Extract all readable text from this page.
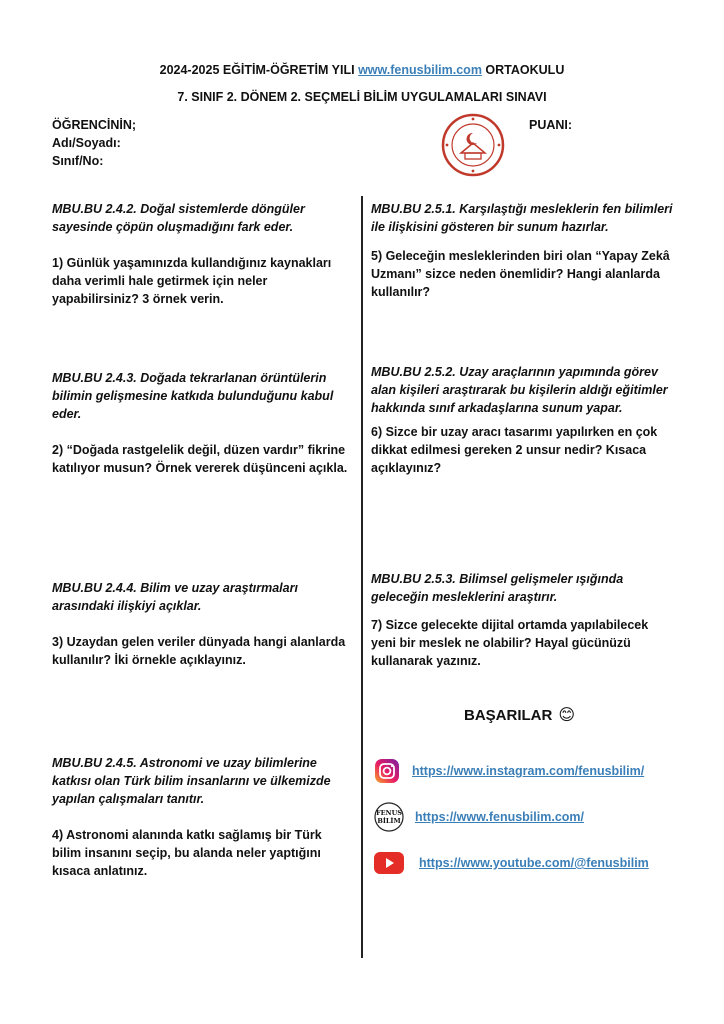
2024-2025 EĞİTİM-ÖĞRETİM YILI www.fenusbilim.com ORTAOKULU
7. SINIF 2. DÖNEM 2. SEÇMELİ BİLİM UYGULAMALARI SINAVI
ÖĞRENCİNİN;
Adı/Soyadı:
Sınıf/No:
PUANI:
MBU.BU 2.4.2. Doğal sistemlerde döngüler sayesinde çöpün oluşmadığını fark eder.
1) Günlük yaşamınızda kullandığınız kaynakları daha verimli hale getirmek için neler yapabilirsiniz? 3 örnek verin.
MBU.BU 2.4.3. Doğada tekrarlanan örüntülerin bilimin gelişmesine katkıda bulunduğunu kabul eder.
2) “Doğada rastgelelik değil, düzen vardır” fikrine katılıyor musun? Örnek vererek düşünceni açıkla.
MBU.BU 2.4.4. Bilim ve uzay araştırmaları arasındaki ilişkiyi açıklar.
3) Uzaydan gelen veriler dünyada hangi alanlarda kullanılır? İki örnekle açıklayınız.
MBU.BU 2.4.5. Astronomi ve uzay bilimlerine katkısı olan Türk bilim insanlarını ve ülkemizde yapılan çalışmaları tanıtır.
4) Astronomi alanında katkı sağlamış bir Türk bilim insanını seçip, bu alanda neler yaptığını kısaca anlatınız.
MBU.BU 2.5.1. Karşılaştığı mesleklerin fen bilimleri ile ilişkisini gösteren bir sunum hazırlar.
5) Geleceğin mesleklerinden biri olan “Yapay Zekâ Uzmanı” sizce neden önemlidir? Hangi alanlarda kullanılır?
MBU.BU 2.5.2. Uzay araçlarının yapımında görev alan kişileri araştırarak bu kişilerin aldığı eğitimler hakkında sınıf arkadaşlarına sunum yapar.
6) Sizce bir uzay aracı tasarımı yapılırken en çok dikkat edilmesi gereken 2 unsur nedir? Kısaca açıklayınız?
MBU.BU 2.5.3. Bilimsel gelişmeler ışığında geleceğin mesleklerini araştırır.
7) Sizce gelecekte dijital ortamda yapılabilecek yeni bir meslek ne olabilir? Hayal gücünüzü kullanarak yazınız.
BAŞARILAR 😊
https://www.instagram.com/fenusbilim/
FENUS
BİLİM https://www.fenusbilim.com/
https://www.youtube.com/@fenusbilim
